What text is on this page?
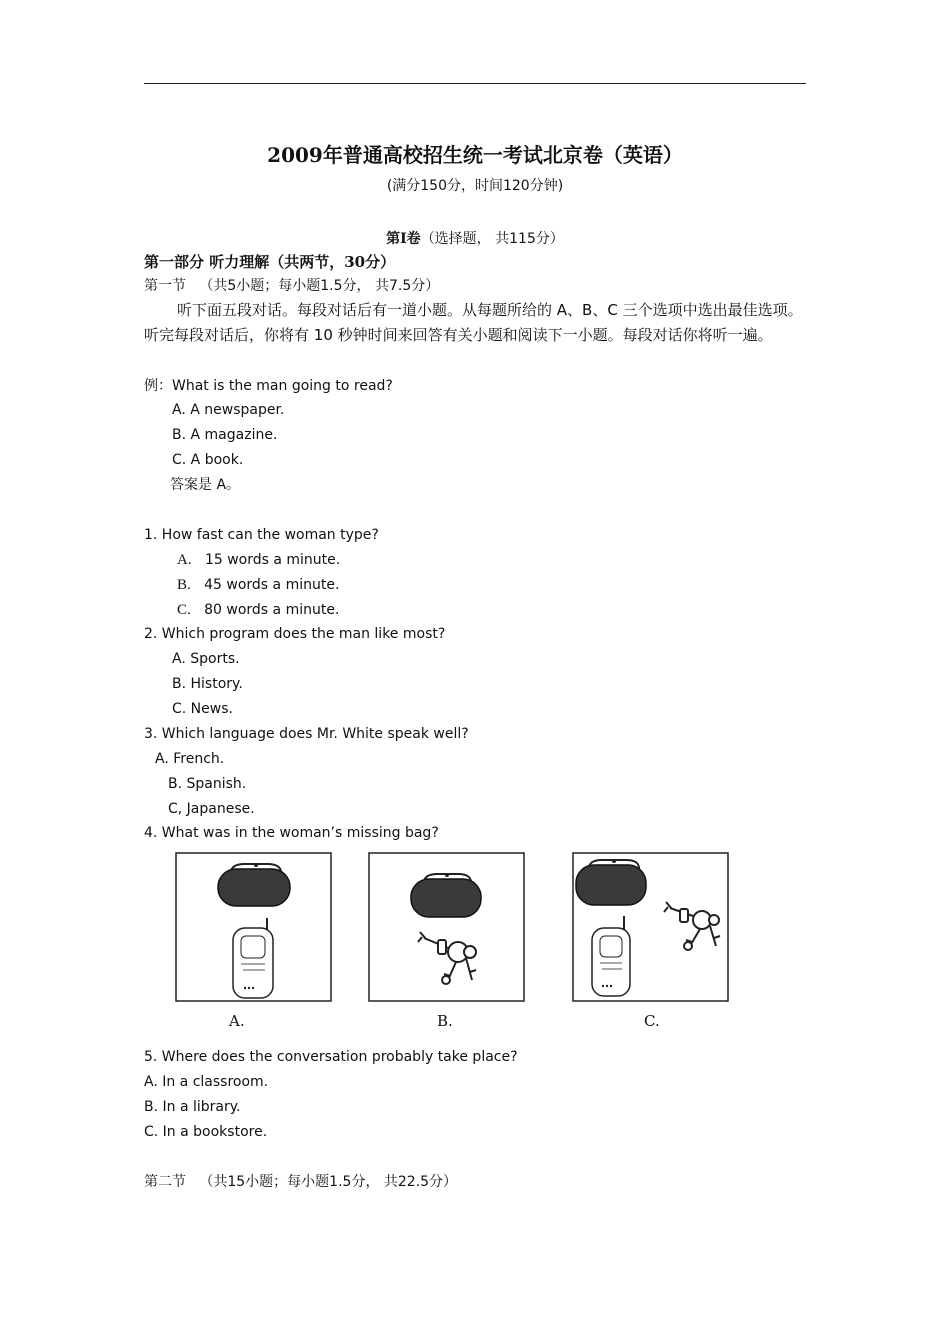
2009年普通高校招生统一考试北京卷（英语）
(满分150分，时间120分钟)
第I卷（选择题， 共115分）
第一部分 听力理解（共两节，30分）
第一节 （共5小题；每小题1.5分， 共7.5分）
听下面五段对话。每段对话后有一道小题。从每题所给的 A、B、C 三个选项中选出最佳选项。听完每段对话后，你将有 10 秒钟时间来回答有关小题和阅读下一小题。每段对话你将听一遍。
例：What is the man going to read?
A. A newspaper.
B. A magazine.
C. A book.
答案是 A。
1. How fast can the woman type?
A. 15 words a minute.
B. 45 words a minute.
C. 80 words a minute.
2. Which program does the man like most?
A. Sports.
B. History.
C. News.
3. Which language does Mr. White speak well?
A. French.
B. Spanish.
C, Japanese.
4. What was in the woman’s missing bag?
A.	B.	C.
5. Where does the conversation probably take place?
A. In a classroom.
B. In a library.
C. In a bookstore.
第二节 （共15小题；每小题1.5分， 共22.5分）
